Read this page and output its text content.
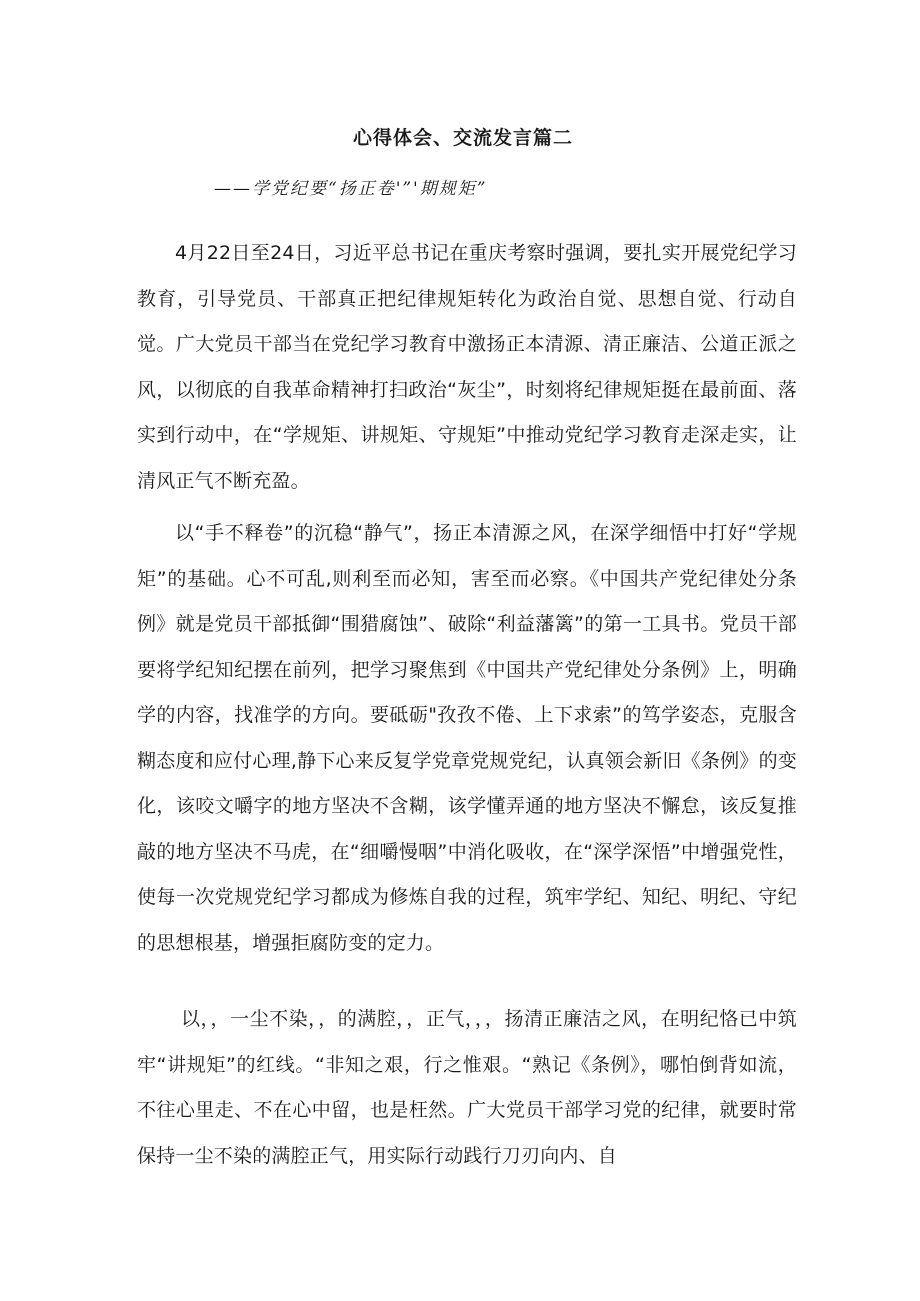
心得体会、交流发言篇二
——学党纪要“扬正卷'”'期规矩”

4月22日至24日，习近平总书记在重庆考察时强调，要扎实开展党纪学习教育，引导党员、干部真正把纪律规矩转化为政治自觉、思想自觉、行动自觉。广大党员干部当在党纪学习教育中激扬正本清源、清正廉洁、公道正派之风，以彻底的自我革命精神打扫政治“灰尘”，时刻将纪律规矩挺在最前面、落实到行动中，在“学规矩、讲规矩、守规矩”中推动党纪学习教育走深走实，让清风正气不断充盈。

以“手不释卷”的沉稳“静气”，扬正本清源之风，在深学细悟中打好“学规矩”的基础。心不可乱,则利至而必知，害至而必察。《中国共产党纪律处分条例》就是党员干部抵御“围猎腐蚀”、破除“利益藩篱”的第一工具书。党员干部要将学纪知纪摆在前列，把学习聚焦到《中国共产党纪律处分条例》上，明确学的内容，找准学的方向。要砥砺"孜孜不倦、上下求索”的笃学姿态，克服含糊态度和应付心理,静下心来反复学党章党规党纪，认真领会新旧《条例》的变化，该咬文嚼字的地方坚决不含糊，该学懂弄通的地方坚决不懈怠，该反复推敲的地方坚决不马虎，在“细嚼慢咽”中消化吸收，在“深学深悟”中增强党性，使每一次党规党纪学习都成为修炼自我的过程，筑牢学纪、知纪、明纪、守纪的思想根基，增强拒腐防变的定力。

以，，一尘不染，，的满腔，，正气，，，扬清正廉洁之风，在明纪恪已中筑牢“讲规矩”的红线。“非知之艰，行之惟艰。“熟记《条例》，哪怕倒背如流，不往心里走、不在心中留，也是枉然。广大党员干部学习党的纪律，就要时常保持一尘不染的满腔正气，用实际行动践行刀刃向内、自
